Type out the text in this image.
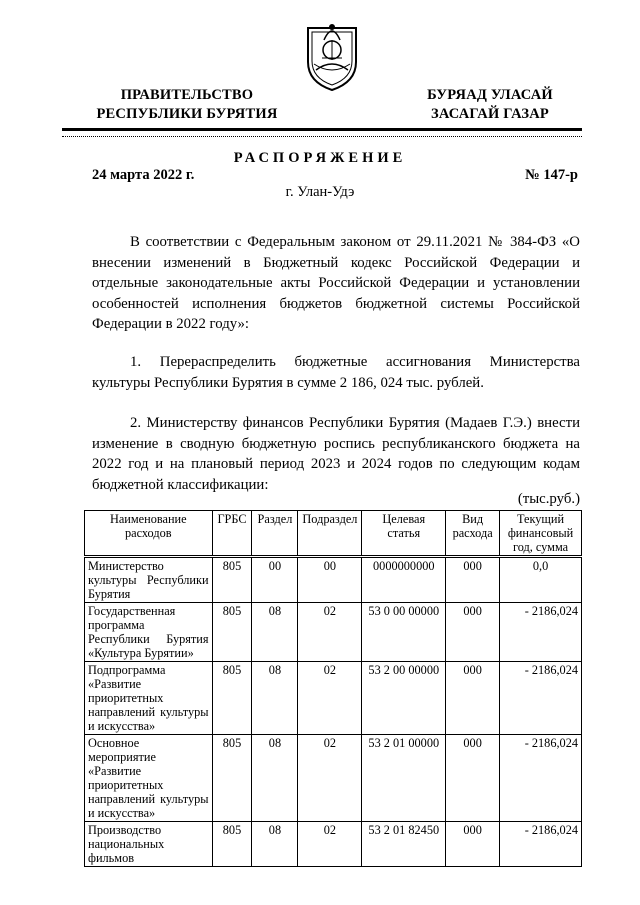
ПРАВИТЕЛЬСТВО
РЕСПУБЛИКИ БУРЯТИЯ
БУРЯАД УЛАСАЙ
ЗАСАГАЙ ГАЗАР
РАСПОРЯЖЕНИЕ
24 марта 2022 г.	№ 147-р
г. Улан-Удэ
В соответствии с Федеральным законом от 29.11.2021 № 384-ФЗ «О внесении изменений в Бюджетный кодекс Российской Федерации и отдельные законодательные акты Российской Федерации и установлении особенностей исполнения бюджетов бюджетной системы Российской Федерации в 2022 году»:
1. Перераспределить бюджетные ассигнования Министерства культуры Республики Бурятия в сумме 2 186, 024 тыс. рублей.
2. Министерству финансов Республики Бурятия (Мадаев Г.Э.) внести изменение в сводную бюджетную роспись республиканского бюджета на 2022 год и на плановый период 2023 и 2024 годов по следующим кодам бюджетной классификации:
(тыс.руб.)
Наименование расходов	ГРБС	Раздел	Подраздел	Целевая статья	Вид расхода	Текущий финансовый год, сумма
Министерство культуры Республики Бурятия	805	00	00	0000000000	000	0,0
Государственная программа Республики Бурятия «Культура Бурятии»	805	08	02	53 0 00 00000	000	- 2186,024
Подпрограмма «Развитие приоритетных направлений культуры и искусства»	805	08	02	53 2 00 00000	000	- 2186,024
Основное мероприятие «Развитие приоритетных направлений культуры и искусства»	805	08	02	53 2 01 00000	000	- 2186,024
Производство национальных фильмов	805	08	02	53 2 01 82450	000	- 2186,024
